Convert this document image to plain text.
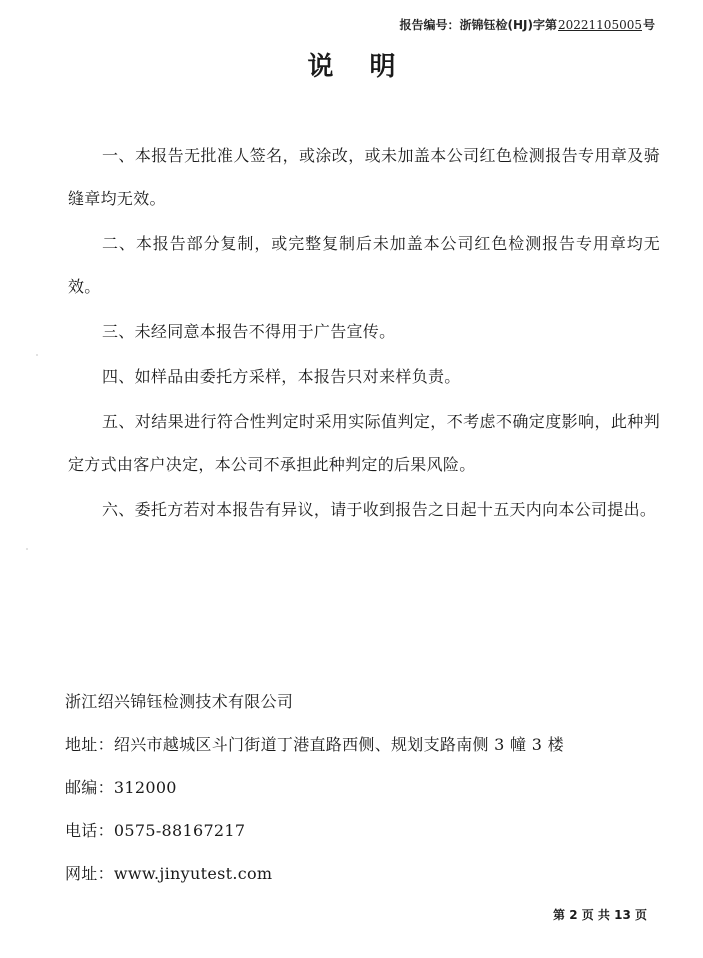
报告编号：浙锦钰检(HJ)字第20221105005号
说明

一、本报告无批准人签名，或涂改，或未加盖本公司红色检测报告专用章及骑缝章均无效。

二、本报告部分复制，或完整复制后未加盖本公司红色检测报告专用章均无效。

三、未经同意本报告不得用于广告宣传。

四、如样品由委托方采样，本报告只对来样负责。

五、对结果进行符合性判定时采用实际值判定，不考虑不确定度影响，此种判定方式由客户决定，本公司不承担此种判定的后果风险。

六、委托方若对本报告有异议，请于收到报告之日起十五天内向本公司提出。

浙江绍兴锦钰检测技术有限公司
地址：绍兴市越城区斗门街道丁港直路西侧、规划支路南侧 3 幢 3 楼
邮编：312000
电话：0575-88167217
网址：www.jinyutest.com
第 2 页 共 13 页
